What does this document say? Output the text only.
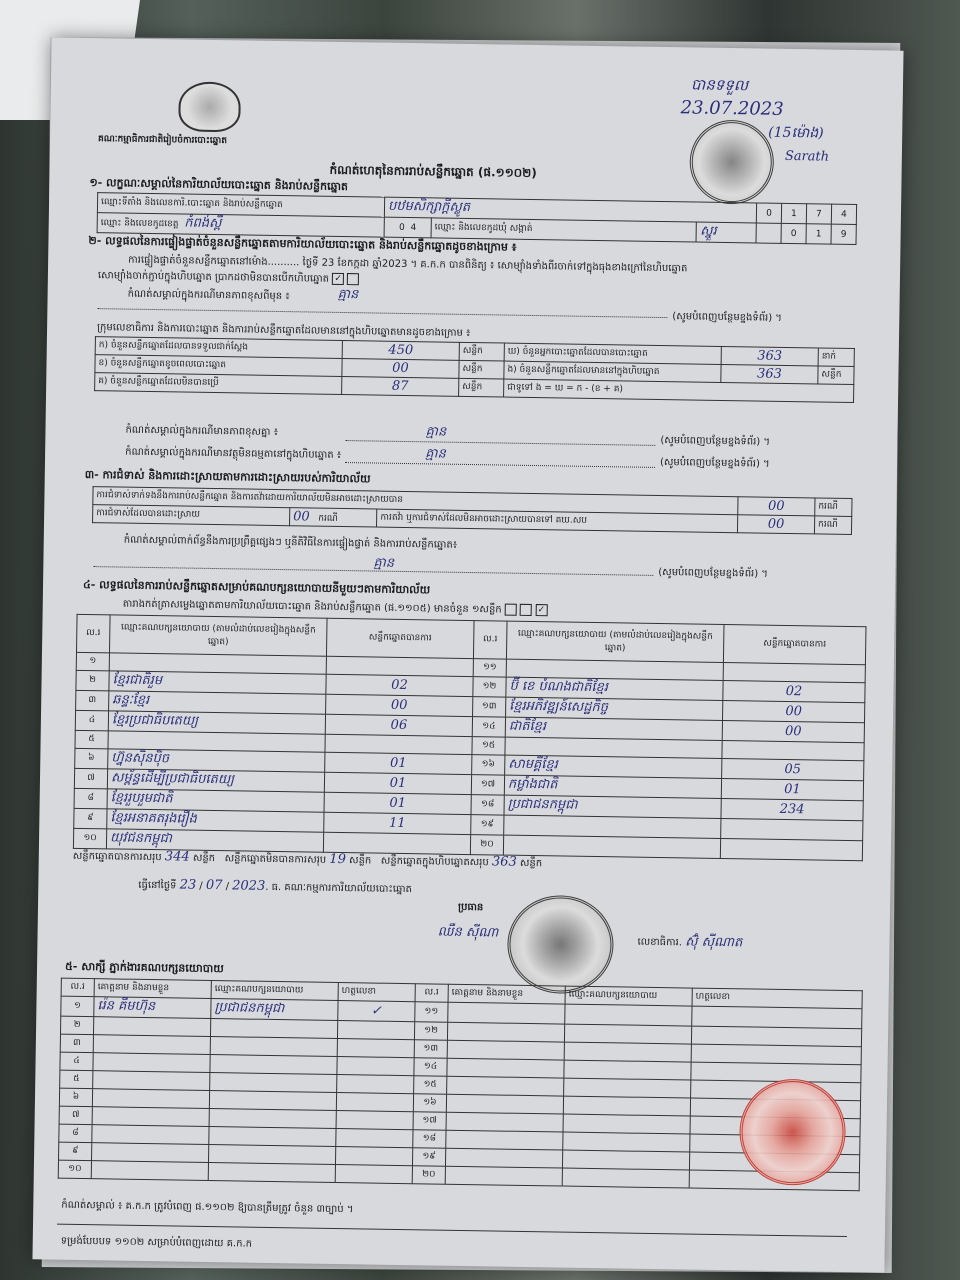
គណៈកម្មាធិការជាតិរៀបចំការបោះឆ្នោត
បានទទួល
23.07.2023
(15ម៉ោង)
Sarath
កំណត់ហេតុនៃការរាប់សន្លឹកឆ្នោត (ផ.១១០២)
១- លក្ខណៈសម្គាល់នៃការិយាល័យបោះឆ្នោត និងរាប់សន្លឹកឆ្នោត
ឈ្មោះទីតាំង និងលេខការិ.បោះឆ្នោត និងរាប់សន្លឹកឆ្នោត	បឋមសិក្សាក្ដីស្លូត			0	1	7	4
ឈ្មោះ និងលេខកូដខេត្ត កំពង់ស្ពឺ	0 4	ឈ្មោះ និងលេខកូដឃុំ សង្កាត់	ស្នួរ		0	1	9
២- លទ្ធផលនៃការផ្ទៀងផ្ទាត់ចំនួនសន្លឹកឆ្នោតតាមការិយាល័យបោះឆ្នោត និងរាប់សន្លឹកឆ្នោតដូចខាងក្រោម ៖
ការផ្ទៀងផ្ទាត់ចំនួនសន្លឹកឆ្នោតនៅម៉ោង.......... ថ្ងៃទី 23 ខែកក្កដា ឆ្នាំ2023 ។ គ.ក.ក បានពិនិត្យ ៖ សោម្យ៉ាំងទាំងពីរចាក់ទៅក្នុងធុងខាងក្រៅនៃហិបឆ្នោត
សោម្យ៉ាំងចាក់ភ្ជាប់ក្នុងហិបឆ្នោត ប្រាកដថាមិនបានបើកហិបឆ្នោត ✓
កំណត់សម្គាល់ក្នុងករណីមានភាពខុសពីមុន ៖	គ្មាន
(សូមបំពេញបន្ថែមខ្នងទំព័រ) ។
ក្រុមលេខាធិការ និងការបោះឆ្នោត និងការរាប់សន្លឹកឆ្នោតដែលមាននៅក្នុងហិបឆ្នោតមានដូចខាងក្រោម ៖
ក) ចំនួនសន្លឹកឆ្នោតដែលបានទទួលជាក់ស្តែង	450	សន្លឹក	ឃ) ចំនួនអ្នកបោះឆ្នោតដែលបានបោះឆ្នោត	363	នាក់
ខ) ចំនួនសន្លឹកឆ្នោតខូចពេលបោះឆ្នោត	00	សន្លឹក	ង) ចំនួនសន្លឹកឆ្នោតដែលមាននៅក្នុងហិបឆ្នោត	363	សន្លឹក
គ) ចំនួនសន្លឹកឆ្នោតដែលមិនបានប្រើ	87	សន្លឹក	ជាទូទៅ ង = ឃ = ក - (ខ + គ)		
កំណត់សម្គាល់ក្នុងករណីមានភាពខុសគ្នា ៖	គ្មាន
(សូមបំពេញបន្ថែមខ្នងទំព័រ) ។
កំណត់សម្គាល់ក្នុងករណីមានវត្ថុមិនធម្មតានៅក្នុងហិបឆ្នោត ៖	គ្មាន
(សូមបំពេញបន្ថែមខ្នងទំព័រ) ។
៣- ការជំទាស់ និងការដោះស្រាយតាមការដោះស្រាយរបស់ការិយាល័យ
ការជំទាស់ទាក់ទងនឹងការរាប់សន្លឹកឆ្នោត និងការតវ៉ាដោយការិយាល័យមិនអាចដោះស្រាយបាន			00	ករណី
ការជំទាស់ដែលបានដោះស្រាយ	00 ករណី	ការតវ៉ា ឬការជំទាស់ដែលមិនអាចដោះស្រាយបានទៅ គឃ.សប	00	ករណី
កំណត់សម្គាល់ពាក់ព័ន្ធនឹងការប្រព្រឹត្តផ្សេងៗ ឬនីតិវិធីនៃការផ្ទៀងផ្ទាត់ និងការរាប់សន្លឹកឆ្នោត៖
គ្មាន
(សូមបំពេញបន្ថែមខ្នងទំព័រ) ។
៤- លទ្ធផលនៃការរាប់សន្លឹកឆ្នោតសម្រាប់គណបក្សនយោបាយនីមួយៗតាមការិយាល័យ
តារាងកត់ត្រាសម្លេងឆ្នោតតាមការិយាល័យបោះឆ្នោត និងរាប់សន្លឹកឆ្នោត (ផ.១១០៥) មានចំនួន ១សន្លឹក	✓
ល.រ	ឈ្មោះគណបក្សនយោបាយ (តាមលំដាប់លេខរៀងក្នុងសន្លឹកឆ្នោត)	សន្លឹកឆ្នោតបានការ	ល.រ	ឈ្មោះគណបក្សនយោបាយ (តាមលំដាប់លេខរៀងក្នុងសន្លឹកឆ្នោត)	សន្លឹកឆ្នោតបានការ
១			១១		
២	ខ្មែរជាតិរួម	02	១២	ប៊ី ខេ បំណងជាតិខ្មែរ	02
៣	ឆន្ទៈខ្មែរ	00	១៣	ខ្មែរអភិវឌ្ឍន៍សេដ្ឋកិច្ច	00
៤	ខ្មែរប្រជាធិបតេយ្យ	06	១៤	ជាតិខ្មែរ	00
៥			១៥		
៦	ហ្វ៊ុនស៊ិនប៉ិច	01	១៦	សាមគ្គីខ្មែរ	05
៧	សម្ព័ន្ធដើម្បីប្រជាធិបតេយ្យ	01	១៧	កម្លាំងជាតិ	01
៨	ខ្មែររួបរួមជាតិ	01	១៨	ប្រជាជនកម្ពុជា	234
៩	ខ្មែរអនាគតរុងរឿង	11	១៩		
១០	យុវជនកម្ពុជា		២០		
សន្លឹកឆ្នោតបានការសរុប 344 សន្លឹក សន្លឹកឆ្នោតមិនបានការសរុប 19 សន្លឹក សន្លឹកឆ្នោតក្នុងហិបឆ្នោតសរុប 363 សន្លឹក
ធ្វើនៅថ្ងៃទី 23 / 07 / 2023. ធ. គណៈកម្មការការិយាល័យបោះឆ្នោត
ប្រធាន
ឈឺន ស៊ីណា
លេខាធិការ. ស៊ុំ ស៊ីណាត
៥- សាក្សី ភ្នាក់ងារគណបក្សនយោបាយ
ល.រ	គោត្តនាម និងនាមខ្លួន	ឈ្មោះគណបក្សនយោបាយ	ហត្ថលេខា	ល.រ	គោត្តនាម និងនាមខ្លួន	ឈ្មោះគណបក្សនយោបាយ	ហត្ថលេខា
១	រ៉េន គឹមហ៊ុន	ប្រជាជនកម្ពុជា	✓	១១			
២				១២			
៣				១៣			
៤				១៤			
៥				១៥			
៦				១៦			
៧				១៧			
៨				១៨			
៩				១៩			
១០				២០			
កំណត់សម្គាល់ ៖ គ.ក.ក ត្រូវបំពេញ ផ.១១០២ ឱ្យបានត្រឹមត្រូវ ចំនួន ៣ច្បាប់ ។
ទម្រង់បែបបទ ១១០២ សម្រាប់បំពេញដោយ គ.ក.ក
